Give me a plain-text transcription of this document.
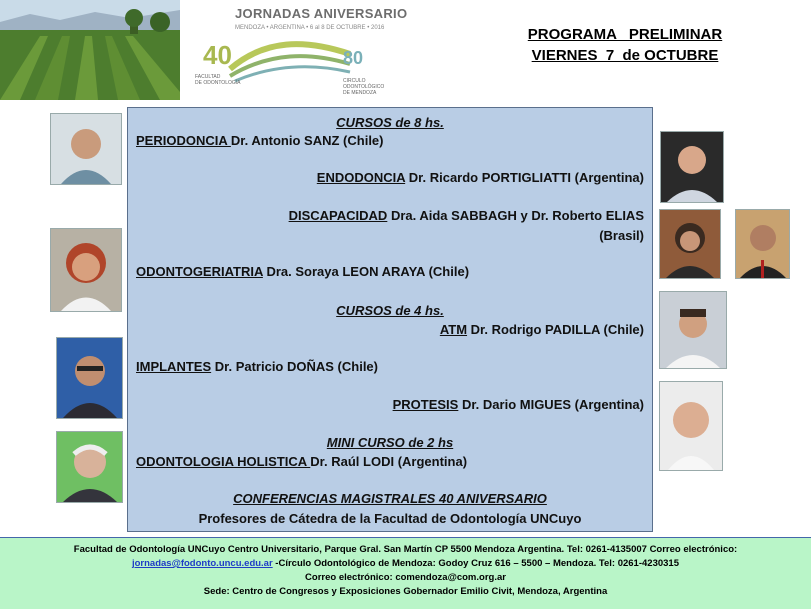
JORNADAS ANIVERSARIO
MENDOZA • ARGENTINA • 6 al 8 DE OCTUBRE • 2016
40	80
FACULTAD
DE ODONTOLOGÍA	CIRCULO ODONTOLÓGICO
DE MENDOZA
PROGRAMA   PRELIMINAR
VIERNES  7  de OCTUBRE
CURSOS de 8 hs.
PERIODONCIA Dr. Antonio SANZ (Chile)
ENDODONCIA Dr. Ricardo PORTIGLIATTI (Argentina)
DISCAPACIDAD Dra. Aida SABBAGH y Dr. Roberto ELIAS
(Brasil)
ODONTOGERIATRIA Dra. Soraya LEON ARAYA (Chile)
CURSOS de 4 hs.
ATM Dr. Rodrigo PADILLA (Chile)
IMPLANTES Dr. Patricio DOÑAS (Chile)
PROTESIS Dr. Dario MIGUES (Argentina)
MINI CURSO de 2 hs
ODONTOLOGIA HOLISTICA Dr. Raúl LODI (Argentina)
CONFERENCIAS MAGISTRALES 40 ANIVERSARIO
Profesores de Cátedra de la Facultad de Odontología UNCuyo
Facultad de Odontología UNCuyo Centro Universitario, Parque Gral. San Martín CP 5500 Mendoza Argentina. Tel: 0261-4135007 Correo electrónico:
jornadas@fodonto.uncu.edu.ar -Círculo Odontológico de Mendoza: Godoy Cruz 616 – 5500 – Mendoza. Tel: 0261-4230315
Correo electrónico: comendoza@com.org.ar
Sede: Centro de Congresos y Exposiciones Gobernador Emilio Civit, Mendoza, Argentina
